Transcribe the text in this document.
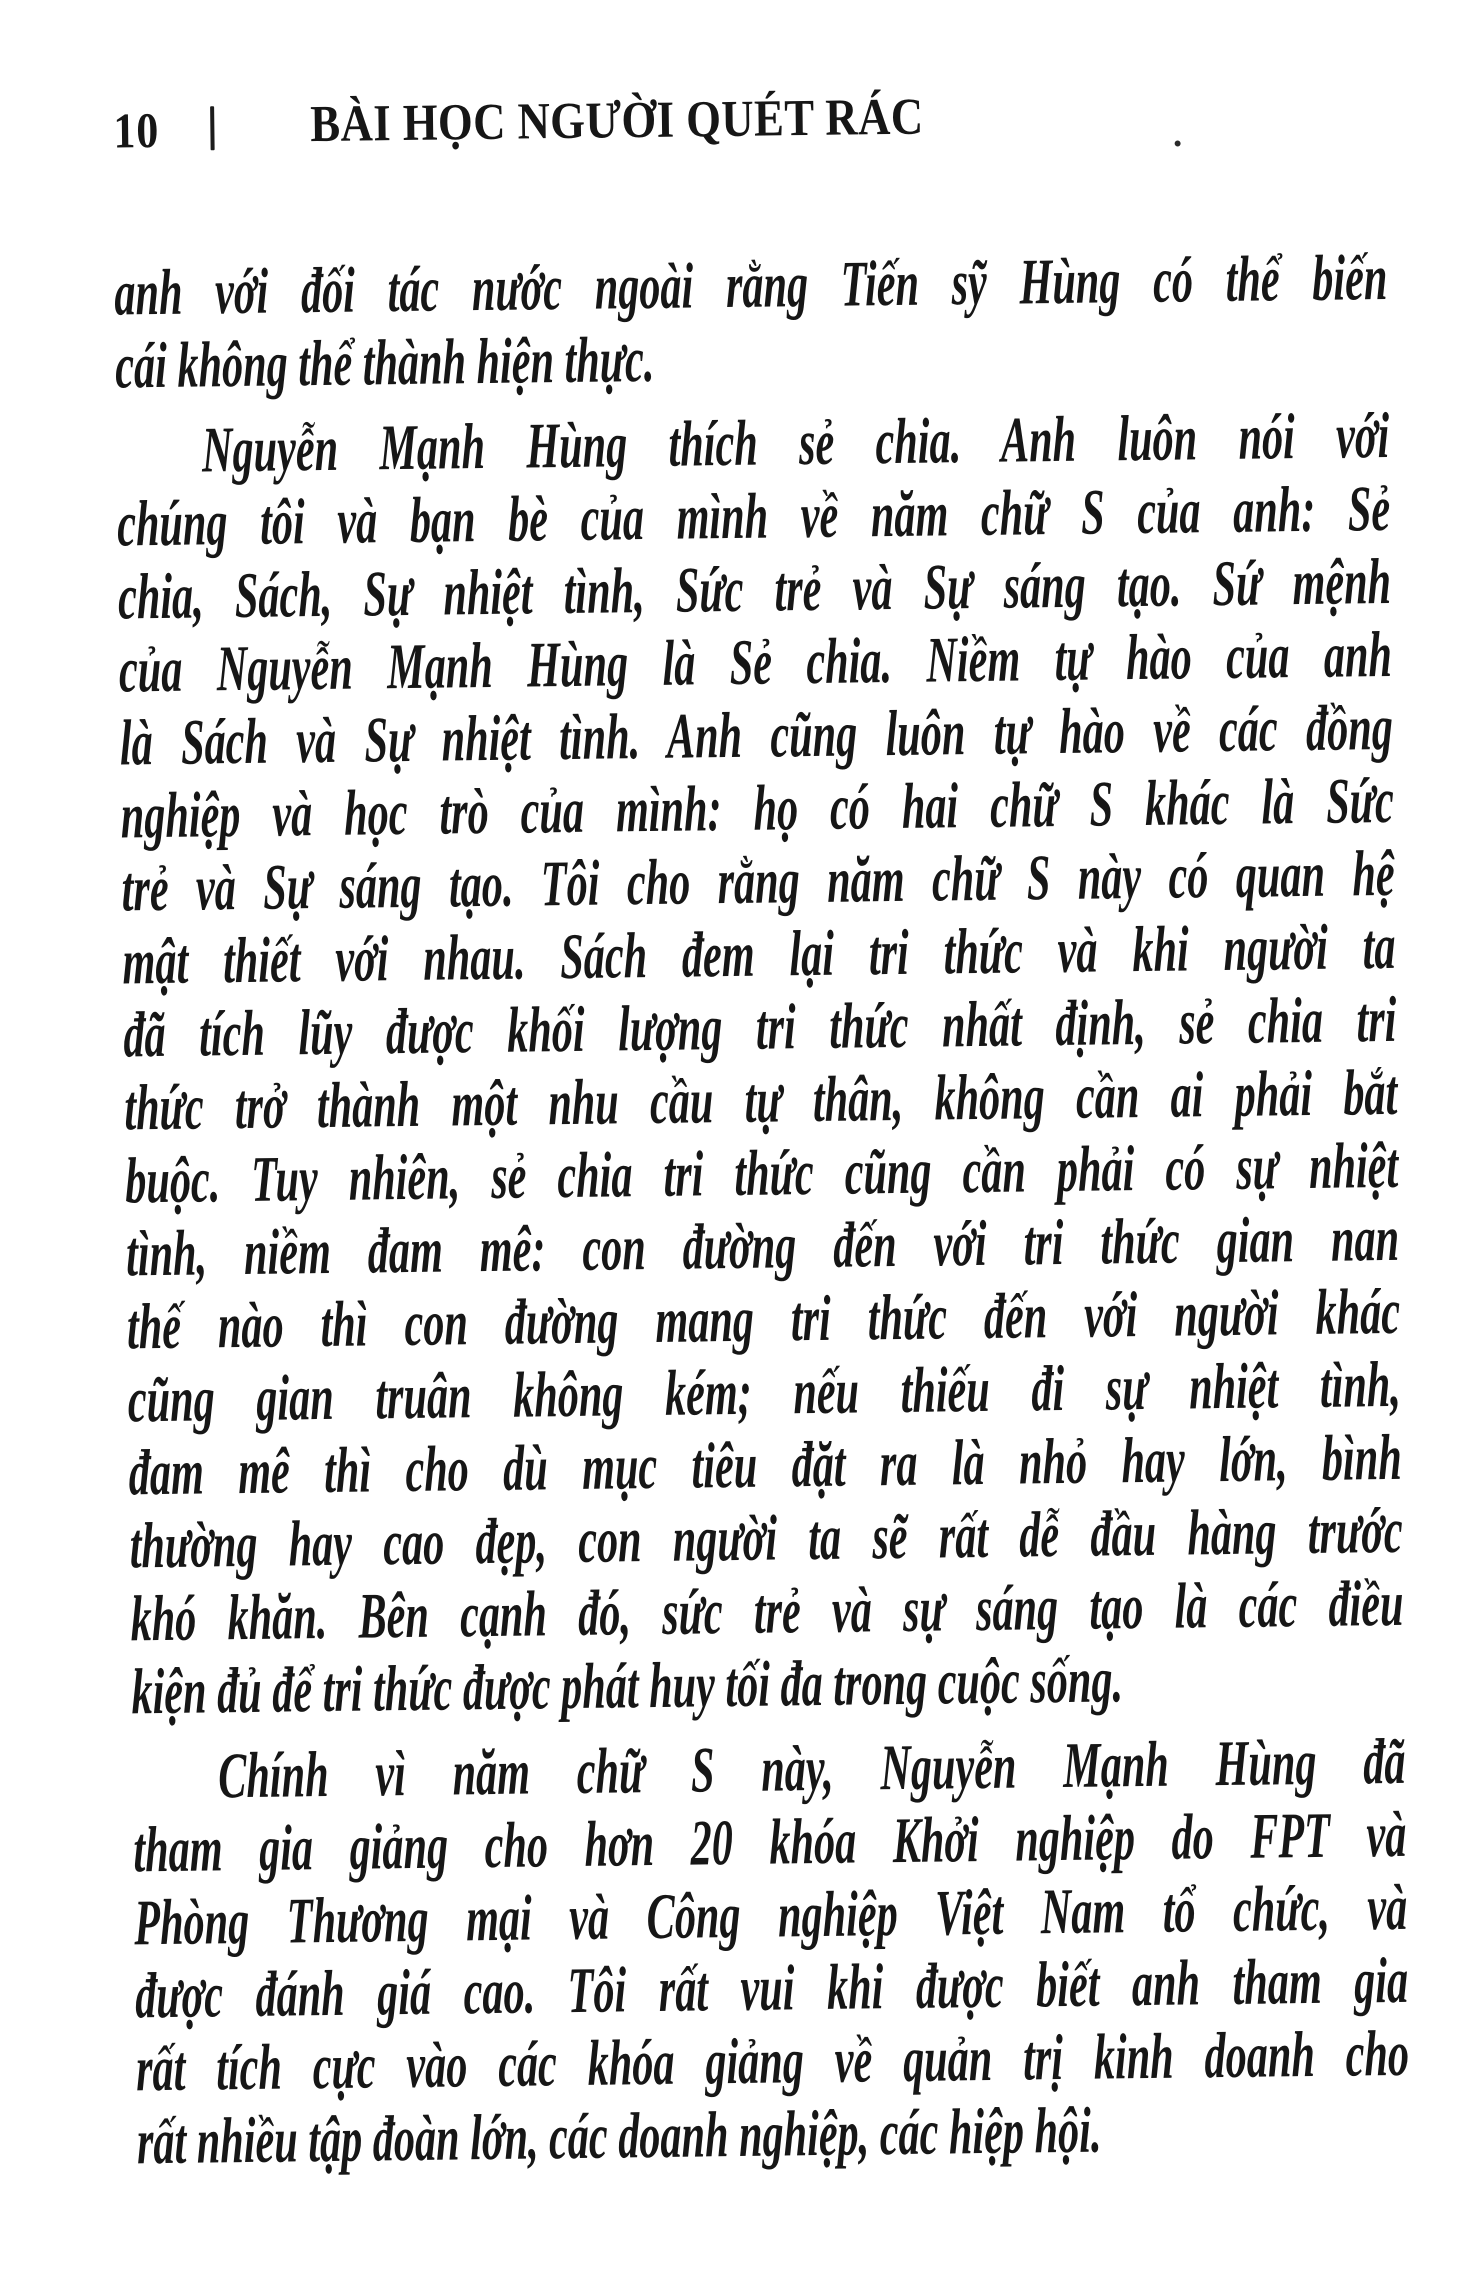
10	BÀI HỌC NGƯỜI QUÉT RÁC
anh với đối tác nước ngoài rằng Tiến sỹ Hùng có thể biến
cái không thể thành hiện thực.
Nguyễn Mạnh Hùng thích sẻ chia. Anh luôn nói với
chúng tôi và bạn bè của mình về năm chữ S của anh: Sẻ
chia, Sách, Sự nhiệt tình, Sức trẻ và Sự sáng tạo. Sứ mệnh
của Nguyễn Mạnh Hùng là Sẻ chia. Niềm tự hào của anh
là Sách và Sự nhiệt tình. Anh cũng luôn tự hào về các đồng
nghiệp và học trò của mình: họ có hai chữ S khác là Sức
trẻ và Sự sáng tạo. Tôi cho rằng năm chữ S này có quan hệ
mật thiết với nhau. Sách đem lại tri thức và khi người ta
đã tích lũy được khối lượng tri thức nhất định, sẻ chia tri
thức trở thành một nhu cầu tự thân, không cần ai phải bắt
buộc. Tuy nhiên, sẻ chia tri thức cũng cần phải có sự nhiệt
tình, niềm đam mê: con đường đến với tri thức gian nan
thế nào thì con đường mang tri thức đến với người khác
cũng gian truân không kém; nếu thiếu đi sự nhiệt tình,
đam mê thì cho dù mục tiêu đặt ra là nhỏ hay lớn, bình
thường hay cao đẹp, con người ta sẽ rất dễ đầu hàng trước
khó khăn. Bên cạnh đó, sức trẻ và sự sáng tạo là các điều
kiện đủ để tri thức được phát huy tối đa trong cuộc sống.
Chính vì năm chữ S này, Nguyễn Mạnh Hùng đã
tham gia giảng cho hơn 20 khóa Khởi nghiệp do FPT và
Phòng Thương mại và Công nghiệp Việt Nam tổ chức, và
được đánh giá cao. Tôi rất vui khi được biết anh tham gia
rất tích cực vào các khóa giảng về quản trị kinh doanh cho
rất nhiều tập đoàn lớn, các doanh nghiệp, các hiệp hội.
